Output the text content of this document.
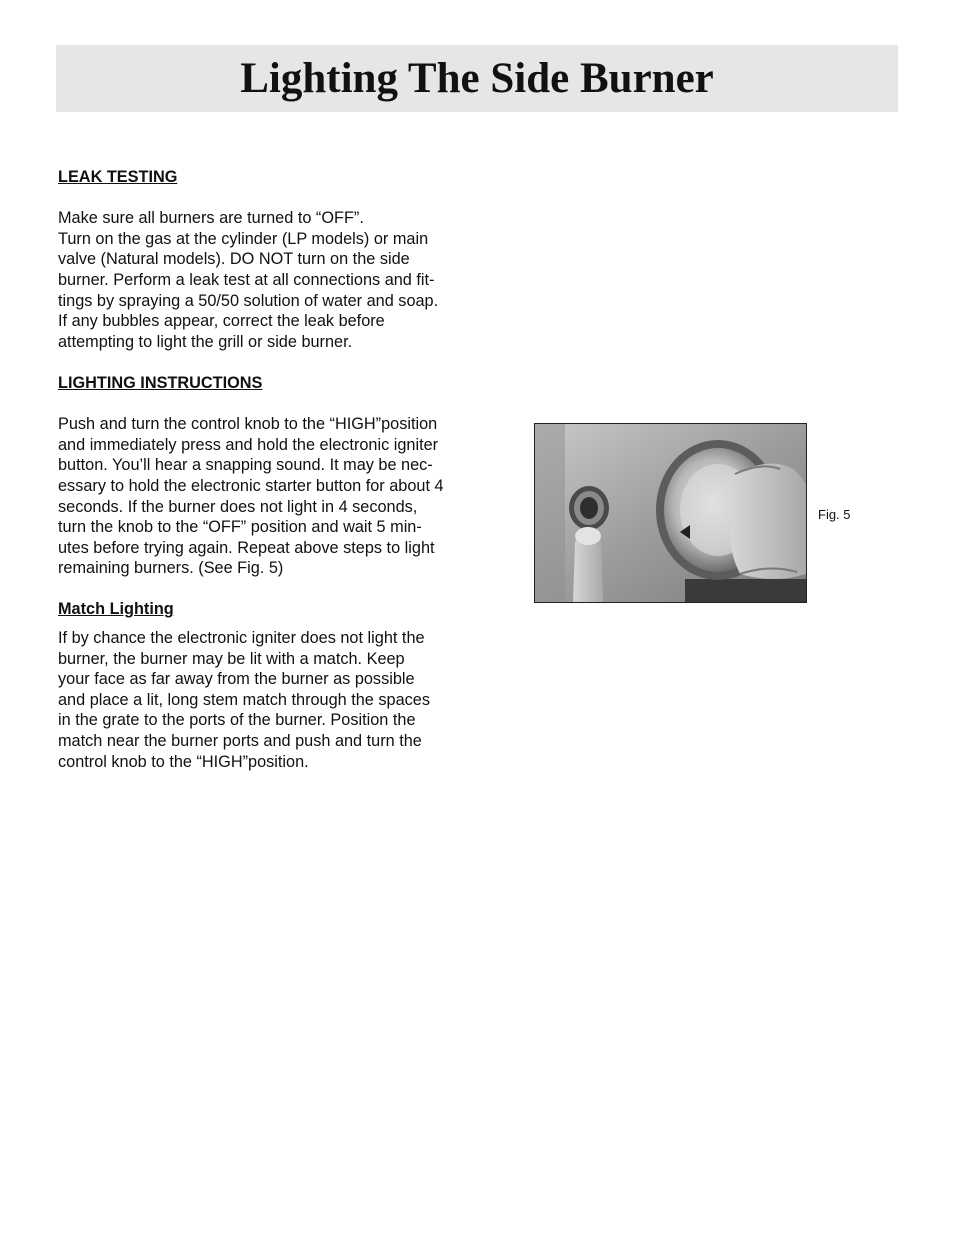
Lighting The Side Burner

LEAK TESTING

Make sure all burners are turned to “OFF”.
Turn on the gas at the cylinder (LP models) or main
valve (Natural models). DO NOT turn on the side
burner. Perform a leak test at all connections and fit-
tings by spraying a 50/50 solution of water and soap.
If any bubbles appear, correct the leak before
attempting to light the grill or side burner.

LIGHTING INSTRUCTIONS

Push and turn the control knob to the “HIGH”position
and immediately press and hold the electronic igniter
button. You’ll hear a snapping sound. It may be nec-
essary to hold the electronic starter button for about 4
seconds. If the burner does not light in 4 seconds,
turn the knob to the “OFF” position and wait 5 min-
utes before trying again. Repeat above steps to light
remaining burners. (See Fig. 5)

Match Lighting

If by chance the electronic igniter does not light the
burner, the burner may be lit with a match. Keep
your face as far away from the burner as possible
and place a lit, long stem match through the spaces
in the grate to the ports of the burner. Position the
match near the burner ports and push and turn the
control knob to the “HIGH”position.

Fig. 5
